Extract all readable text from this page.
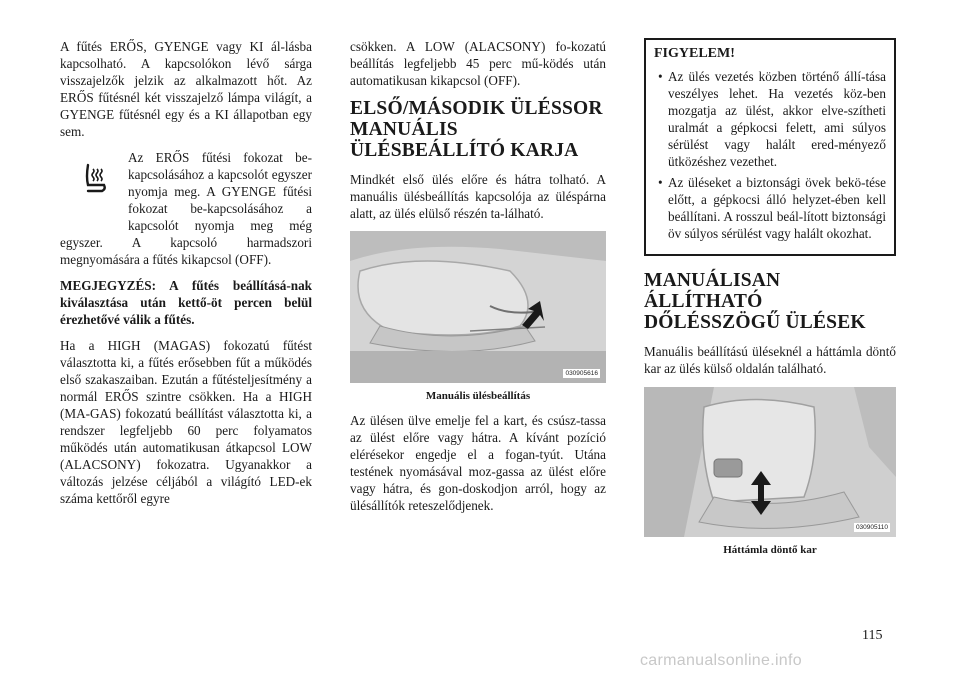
A fűtés ERŐS, GYENGE vagy KI ál-lásba kapcsolható. A kapcsolókon lévő sárga visszajelzők jelzik az alkalmazott hőt. Az ERŐS fűtésnél két visszajelző lámpa világít, a GYENGE fűtésnél egy és a KI állapotban egy sem.

Az ERŐS fűtési fokozat be-kapcsolásához a kapcsolót egyszer nyomja meg. A GYENGE fűtési fokozat be-kapcsolásához a kapcsolót nyomja meg még egyszer. A kapcsoló harmadszori megnyomására a fűtés kikapcsol (OFF).

MEGJEGYZÉS: A fűtés beállításá-nak kiválasztása után kettő-öt percen belül érezhetővé válik a fűtés.

Ha a HIGH (MAGAS) fokozatú fűtést választotta ki, a fűtés erősebben fűt a működés első szakaszaiban. Ezután a fűtésteljesítmény a normál ERŐS szintre csökken. Ha a HIGH (MA-GAS) fokozatú beállítást választotta ki, a rendszer legfeljebb 60 perc folyamatos működés után automatikusan átkapcsol LOW (ALACSONY) fokozatra. Ugyanakkor a változás jelzése céljából a világító LED-ek száma kettőről egyre

csökken. A LOW (ALACSONY) fo-kozatú beállítás legfeljebb 45 perc mű-ködés után automatikusan kikapcsol (OFF).

ELSŐ/MÁSODIK ÜLÉSSOR MANUÁLIS ÜLÉSBEÁLLÍTÓ KARJA

Mindkét első ülés előre és hátra tolható. A manuális ülésbeállítás kapcsolója az üléspárna alatt, az ülés elülső részén ta-lálható.

030905616
Manuális ülésbeállítás

Az ülésen ülve emelje fel a kart, és csúsz-tassa az ülést előre vagy hátra. A kívánt pozíció elérésekor engedje el a fogan-tyút. Utána testének nyomásával moz-gassa az ülést előre vagy hátra, és gon-doskodjon arról, hogy az ülésállítók reteszelődjenek.

FIGYELEM!
• Az ülés vezetés közben történő állí-tása veszélyes lehet. Ha vezetés köz-ben mozgatja az ülést, akkor elve-szítheti uralmát a gépkocsi felett, ami súlyos sérülést vagy halált ered-ményező ütközéshez vezethet.
• Az üléseket a biztonsági övek bekö-tése előtt, a gépkocsi álló helyzet-ében kell beállítani. A rosszul beál-lított biztonsági öv súlyos sérülést vagy halált okozhat.
MANUÁLISAN ÁLLÍTHATÓ DŐLÉSSZÖGŰ ÜLÉSEK

Manuális beállítású üléseknél a háttámla döntő kar az ülés külső oldalán található.

030905110
Háttámla döntő kar
115
carmanualsonline.info
